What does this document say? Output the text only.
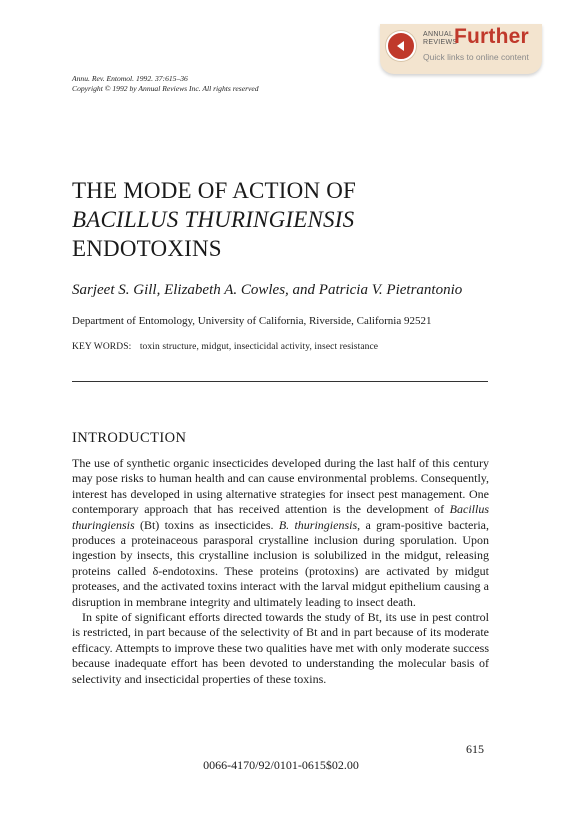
ANNUAL
REVIEWS
Further
Quick links to online content
Annu. Rev. Entomol. 1992. 37:615–36
Copyright © 1992 by Annual Reviews Inc. All rights reserved
THE MODE OF ACTION OF
BACILLUS THURINGIENSIS
ENDOTOXINS
Sarjeet S. Gill, Elizabeth A. Cowles, and Patricia V. Pietrantonio
Department of Entomology, University of California, Riverside, California 92521
KEY WORDS: toxin structure, midgut, insecticidal activity, insect resistance
INTRODUCTION

The use of synthetic organic insecticides developed during the last half of this century may pose risks to human health and can cause environmental problems. Consequently, interest has developed in using alternative strategies for insect pest management. One contemporary approach that has received attention is the development of Bacillus thuringiensis (Bt) toxins as insecticides. B. thuringiensis, a gram-positive bacteria, produces a proteinaceous parasporal crystalline inclusion during sporulation. Upon ingestion by insects, this crystalline inclusion is solubilized in the midgut, releasing proteins called δ-endotoxins. These proteins (protoxins) are activated by midgut proteases, and the activated toxins interact with the larval midgut epithelium causing a disruption in membrane integrity and ultimately leading to insect death.

In spite of significant efforts directed towards the study of Bt, its use in pest control is restricted, in part because of the selectivity of Bt and in part because of its moderate efficacy. Attempts to improve these two qualities have met with only moderate success because inadequate effort has been devoted to understanding the molecular basis of selectivity and insecticidal properties of these toxins.

615
0066-4170/92/0101-0615$02.00
